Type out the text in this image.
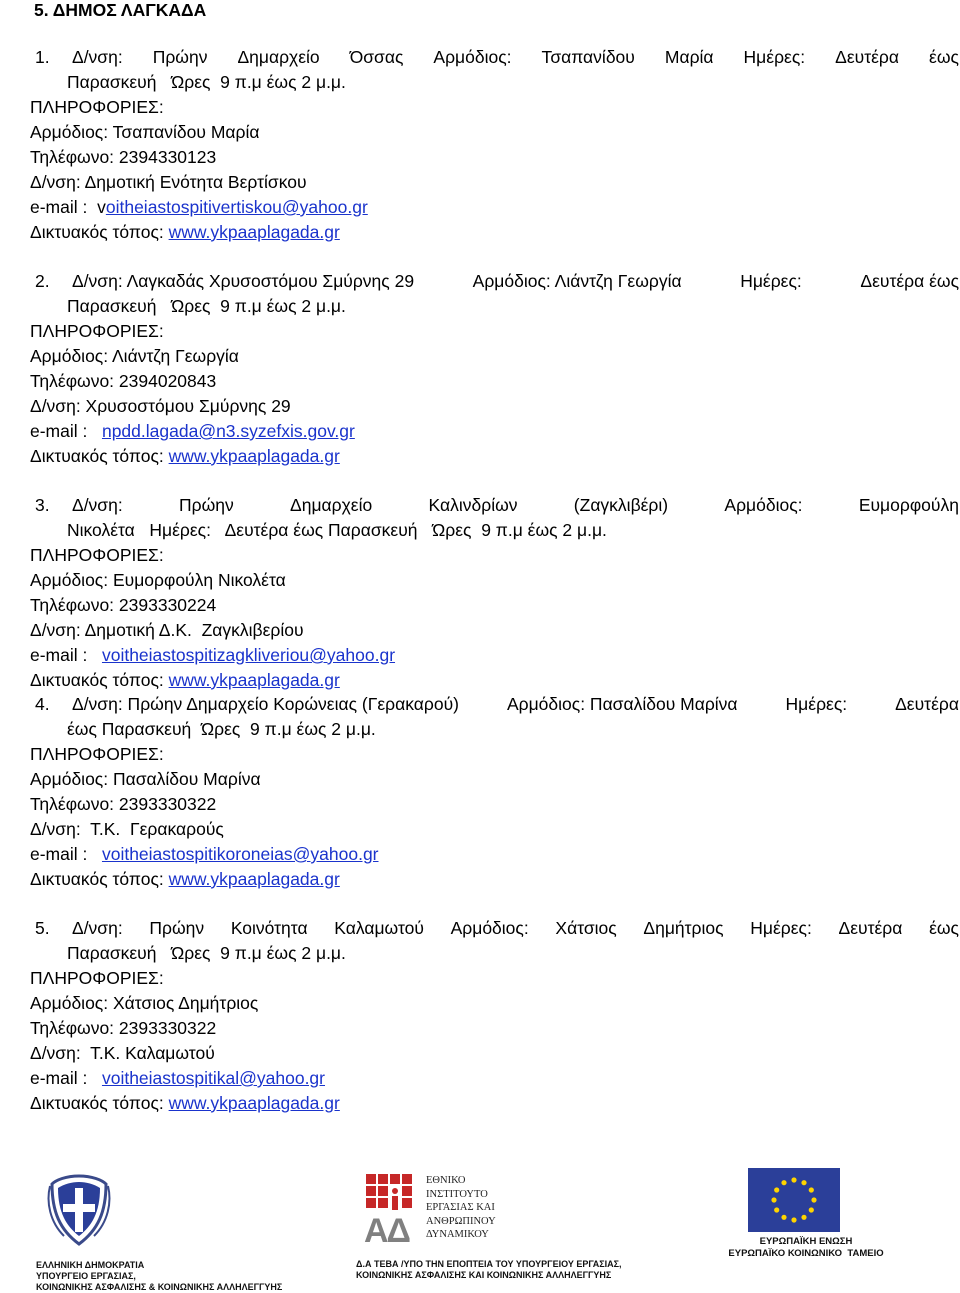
5. ΔΗΜΟΣ ΛΑΓΚΑΔΑ
1.	Δ/νση: Πρώην Δημαρχείο Όσσας Αρμόδιος: Τσαπανίδου Μαρία Ημέρες: Δευτέρα έως
Παρασκευή   Ώρες  9 π.μ έως 2 μ.μ.
ΠΛΗΡΟΦΟΡΙΕΣ:
Αρμόδιος: Τσαπανίδου Μαρία
Τηλέφωνο: 2394330123
Δ/νση: Δημοτική Ενότητα Βερτίσκου
e-mail :  voitheiastospitivertiskou@yahoo.gr
Δικτυακός τόπος: www.ykpaaplagada.gr
2.	Δ/νση: Λαγκαδάς Χρυσοστόμου Σμύρνης 29	Αρμόδιος: Λιάντζη Γεωργία	Ημέρες:	Δευτέρα έως
Παρασκευή   Ώρες  9 π.μ έως 2 μ.μ.
ΠΛΗΡΟΦΟΡΙΕΣ:
Αρμόδιος: Λιάντζη Γεωργία
Τηλέφωνο: 2394020843
Δ/νση: Χρυσοστόμου Σμύρνης 29
e-mail :   npdd.lagada@n3.syzefxis.gov.gr
Δικτυακός τόπος: www.ykpaaplagada.gr
3.	Δ/νση:	Πρώην	Δημαρχείο	Καλινδρίων	(Ζαγκλιβέρι)	Αρμόδιος:	Ευμορφούλη
Νικολέτα   Ημέρες:   Δευτέρα έως Παρασκευή   Ώρες  9 π.μ έως 2 μ.μ.
ΠΛΗΡΟΦΟΡΙΕΣ:
Αρμόδιος: Ευμορφούλη Νικολέτα
Τηλέφωνο: 2393330224
Δ/νση: Δημοτική Δ.Κ.  Ζαγκλιβερίου
e-mail :   voitheiastospitizagkliveriou@yahoo.gr
Δικτυακός τόπος: www.ykpaaplagada.gr
4.	Δ/νση: Πρώην Δημαρχείο Κορώνειας (Γερακαρού)	Αρμόδιος: Πασαλίδου Μαρίνα	Ημέρες:	Δευτέρα
έως Παρασκευή  Ώρες  9 π.μ έως 2 μ.μ.
ΠΛΗΡΟΦΟΡΙΕΣ:
Αρμόδιος: Πασαλίδου Μαρίνα
Τηλέφωνο: 2393330322
Δ/νση:  Τ.Κ.  Γερακαρούς
e-mail :   voitheiastospitikoroneias@yahoo.gr
Δικτυακός τόπος: www.ykpaaplagada.gr
5.	Δ/νση: Πρώην Κοινότητα Καλαμωτού Αρμόδιος: Χάτσιος Δημήτριος Ημέρες: Δευτέρα έως
Παρασκευή   Ώρες  9 π.μ έως 2 μ.μ.
ΠΛΗΡΟΦΟΡΙΕΣ:
Αρμόδιος: Χάτσιος Δημήτριος
Τηλέφωνο: 2393330322
Δ/νση:  Τ.Κ. Καλαμωτού
e-mail :   voitheiastospitikal@yahoo.gr
Δικτυακός τόπος: www.ykpaaplagada.gr
ΕΛΛΗΝΙΚΗ ΔΗΜΟΚΡΑΤΙΑ
ΥΠΟΥΡΓΕΙΟ ΕΡΓΑΣΙΑΣ,
ΚΟΙΝΩΝΙΚΗΣ ΑΣΦΑΛΙΣΗΣ & ΚΟΙΝΩΝΙΚΗΣ ΑΛΛΗΛΕΓΓΥΗΣ
ΑΔ
ΕΘΝΙΚΟ
ΙΝΣΤΙΤΟΥΤΟ
ΕΡΓΑΣΙΑΣ ΚΑΙ
ΑΝΘΡΩΠΙΝΟΥ
ΔΥΝΑΜΙΚΟΥ
Δ.Α ΤΕΒΑ /ΥΠΟ ΤΗΝ ΕΠΟΠΤΕΙΑ ΤΟΥ ΥΠΟΥΡΓΕΙΟΥ ΕΡΓΑΣΙΑΣ,
ΚΟΙΝΩΝΙΚΗΣ ΑΣΦΑΛΙΣΗΣ ΚΑΙ ΚΟΙΝΩΝΙΚΗΣ ΑΛΛΗΛΕΓΓΥΗΣ
ΕΥΡΩΠΑΪΚΗ ΕΝΩΣΗ
ΕΥΡΩΠΑΪΚΟ ΚΟΙΝΩΝΙΚΟ  ΤΑΜΕΙΟ
